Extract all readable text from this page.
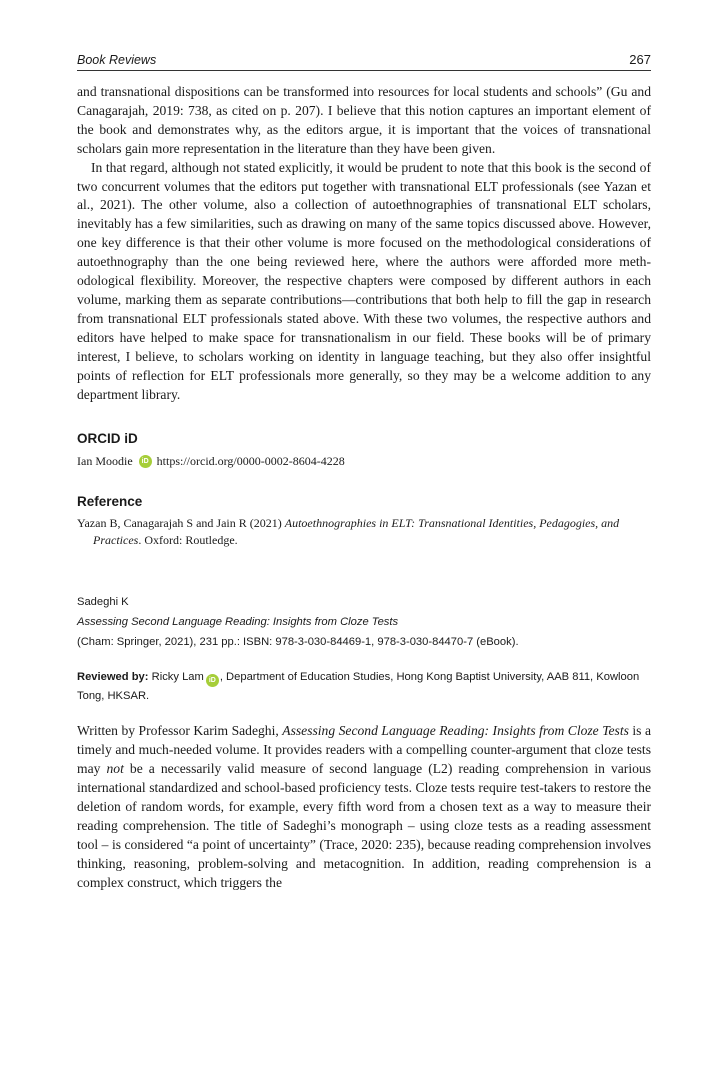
Book Reviews	267

and transnational dispositions can be transformed into resources for local students and schools” (Gu and Canagarajah, 2019: 738, as cited on p. 207). I believe that this notion captures an important element of the book and demonstrates why, as the editors argue, it is important that the voices of transnational scholars gain more representation in the literature than they have been given.

In that regard, although not stated explicitly, it would be prudent to note that this book is the second of two concurrent volumes that the editors put together with transnational ELT professionals (see Yazan et al., 2021). The other volume, also a collection of autoethnographies of transnational ELT scholars, inevitably has a few similarities, such as drawing on many of the same topics discussed above. However, one key difference is that their other volume is more focused on the methodological considerations of autoethnography than the one being reviewed here, where the authors were afforded more methodological flexibility. Moreover, the respective chapters were composed by different authors in each volume, marking them as separate contributions—contributions that both help to fill the gap in research from transnational ELT professionals stated above. With these two volumes, the respective authors and editors have helped to make space for transnationalism in our field. These books will be of primary interest, I believe, to scholars working on identity in language teaching, but they also offer insightful points of reflection for ELT professionals more generally, so they may be a welcome addition to any department library.

ORCID iD
Ian Moodie	iD https://orcid.org/0000-0002-8604-4228
Reference
Yazan B, Canagarajah S and Jain R (2021) Autoethnographies in ELT: Transnational Identities, Pedagogies, and Practices. Oxford: Routledge.
Sadeghi K
Assessing Second Language Reading: Insights from Cloze Tests
(Cham: Springer, 2021), 231 pp.: ISBN: 978-3-030-84469-1, 978-3-030-84470-7 (eBook).
Reviewed by: Ricky Lam iD , Department of Education Studies, Hong Kong Baptist University, AAB 811, Kowloon Tong, HKSAR.

Written by Professor Karim Sadeghi, Assessing Second Language Reading: Insights from Cloze Tests is a timely and much-needed volume. It provides readers with a compelling counter-argument that cloze tests may not be a necessarily valid measure of second language (L2) reading comprehension in various international standardized and school-based proficiency tests. Cloze tests require test-takers to restore the deletion of random words, for example, every fifth word from a chosen text as a way to measure their reading comprehension. The title of Sadeghi’s monograph – using cloze tests as a reading assessment tool – is considered “a point of uncertainty” (Trace, 2020: 235), because reading comprehension involves thinking, reasoning, problem-solving and metacognition. In addition, reading comprehension is a complex construct, which triggers the
